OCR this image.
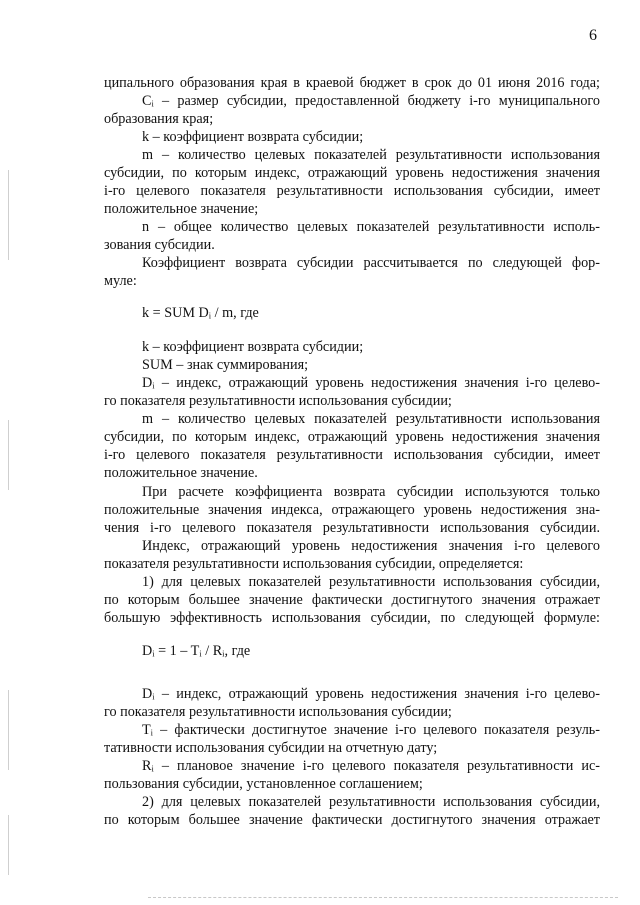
6
ципального образования края в краевой бюджет в срок до 01 июня 2016 года;
Cᵢ – размер субсидии, предоставленной бюджету i-го муниципального
образования края;
k – коэффициент возврата субсидии;
m – количество целевых показателей результативности использования
субсидии, по которым индекс, отражающий уровень недостижения значения
i-го целевого показателя результативности использования субсидии, имеет
положительное значение;
n – общее количество целевых показателей результативности исполь-
зования субсидии.
Коэффициент возврата субсидии рассчитывается по следующей фор-
муле:
k = SUM Dᵢ / m, где
k – коэффициент возврата субсидии;
SUM – знак суммирования;
Dᵢ – индекс, отражающий уровень недостижения значения i-го целево-
го показателя результативности использования субсидии;
m – количество целевых показателей результативности использования
субсидии, по которым индекс, отражающий уровень недостижения значения
i-го целевого показателя результативности использования субсидии, имеет
положительное значение.
При расчете коэффициента возврата субсидии используются только
положительные значения индекса, отражающего уровень недостижения зна-
чения i-го целевого показателя результативности использования субсидии.
Индекс, отражающий уровень недостижения значения i-го целевого
показателя результативности использования субсидии, определяется:
1) для целевых показателей результативности использования субсидии,
по которым большее значение фактически достигнутого значения отражает
большую эффективность использования субсидии, по следующей формуле:
Dᵢ = 1 – Tᵢ / Rᵢ, где
Dᵢ – индекс, отражающий уровень недостижения значения i-го целево-
го показателя результативности использования субсидии;
Tᵢ – фактически достигнутое значение i-го целевого показателя резуль-
тативности использования субсидии на отчетную дату;
Rᵢ – плановое значение i-го целевого показателя результативности ис-
пользования субсидии, установленное соглашением;
2) для целевых показателей результативности использования субсидии,
по которым большее значение фактически достигнутого значения отражает
